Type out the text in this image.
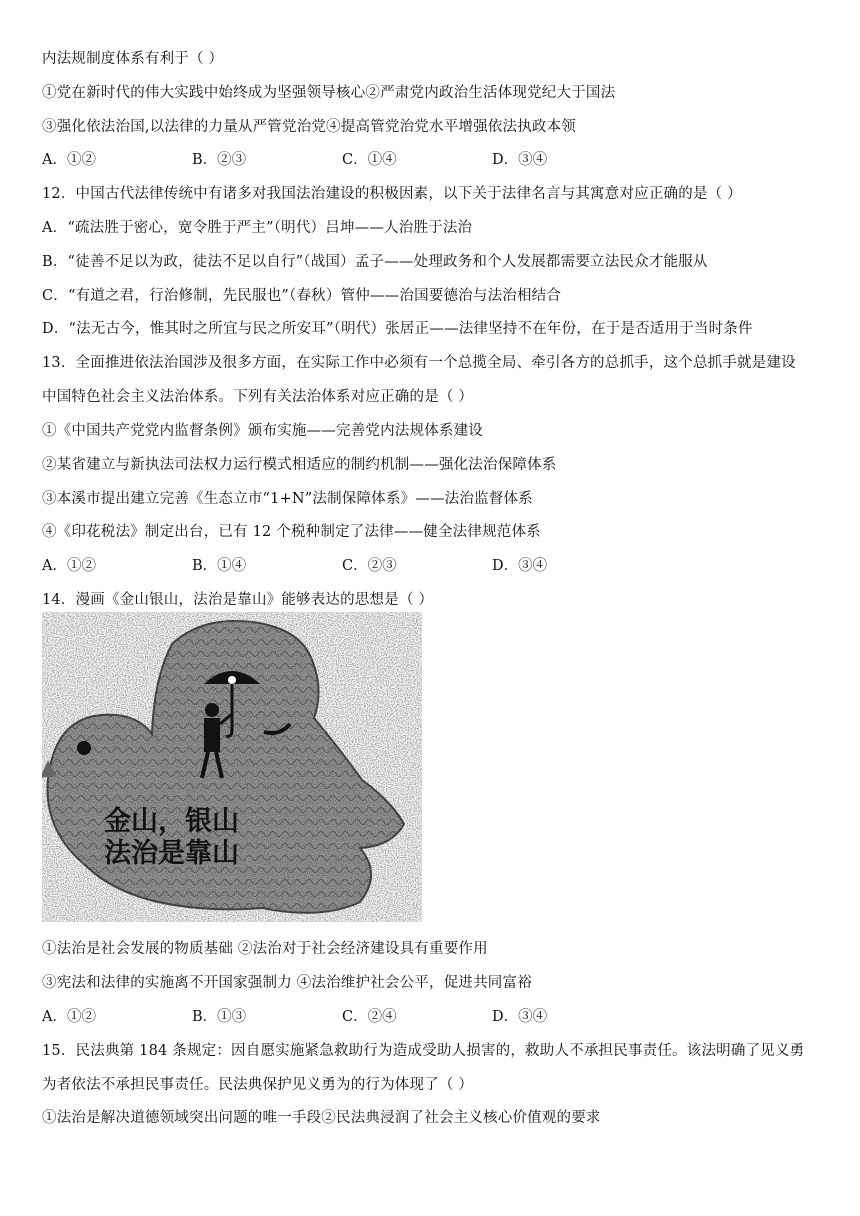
内法规制度体系有利于（ ）
①党在新时代的伟大实践中始终成为坚强领导核心②严肃党内政治生活体现党纪大于国法
③强化依法治国,以法律的力量从严管党治党④提高管党治党水平增强依法执政本领
A．①②	B．②③	C．①④	D．③④
12．中国古代法律传统中有诸多对我国法治建设的积极因素，以下关于法律名言与其寓意对应正确的是（ ）
A．“疏法胜于密心，宽令胜于严主”（明代）吕坤——人治胜于法治
B．“徒善不足以为政，徒法不足以自行”（战国）孟子——处理政务和个人发展都需要立法民众才能服从
C．“有道之君，行治修制，先民服也”（春秋）管仲——治国要德治与法治相结合
D．“法无古今，惟其时之所宜与民之所安耳”（明代）张居正——法律坚持不在年份，在于是否适用于当时条件
13．全面推进依法治国涉及很多方面，在实际工作中必须有一个总揽全局、牵引各方的总抓手，这个总抓手就是建设
中国特色社会主义法治体系。下列有关法治体系对应正确的是（ ）
①《中国共产党党内监督条例》颁布实施——完善党内法规体系建设
②某省建立与新执法司法权力运行模式相适应的制约机制——强化法治保障体系
③本溪市提出建立完善《生态立市“1+N”法制保障体系》——法治监督体系
④《印花税法》制定出台，已有 12 个税种制定了法律——健全法律规范体系
A．①②	B．①④	C．②③	D．③④
14．漫画《金山银山，法治是靠山》能够表达的思想是（ ）
金山，银山
法治是靠山
①法治是社会发展的物质基础 ②法治对于社会经济建设具有重要作用
③宪法和法律的实施离不开国家强制力 ④法治维护社会公平，促进共同富裕
A．①②	B．①③	C．②④	D．③④
15．民法典第 184 条规定：因自愿实施紧急救助行为造成受助人损害的，救助人不承担民事责任。该法明确了见义勇
为者依法不承担民事责任。民法典保护见义勇为的行为体现了（ ）
①法治是解决道德领域突出问题的唯一手段②民法典浸润了社会主义核心价值观的要求
